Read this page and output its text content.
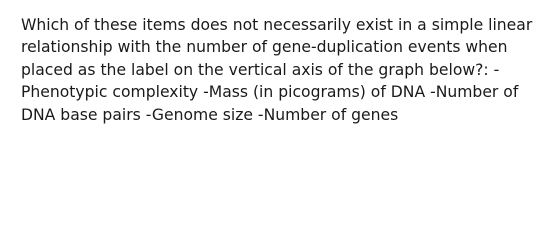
Which of these items does not necessarily exist in a simple linear
relationship with the number of gene-duplication events when
placed as the label on the vertical axis of the graph below?: -
Phenotypic complexity -Mass (in picograms) of DNA -Number of
DNA base pairs -Genome size -Number of genes
